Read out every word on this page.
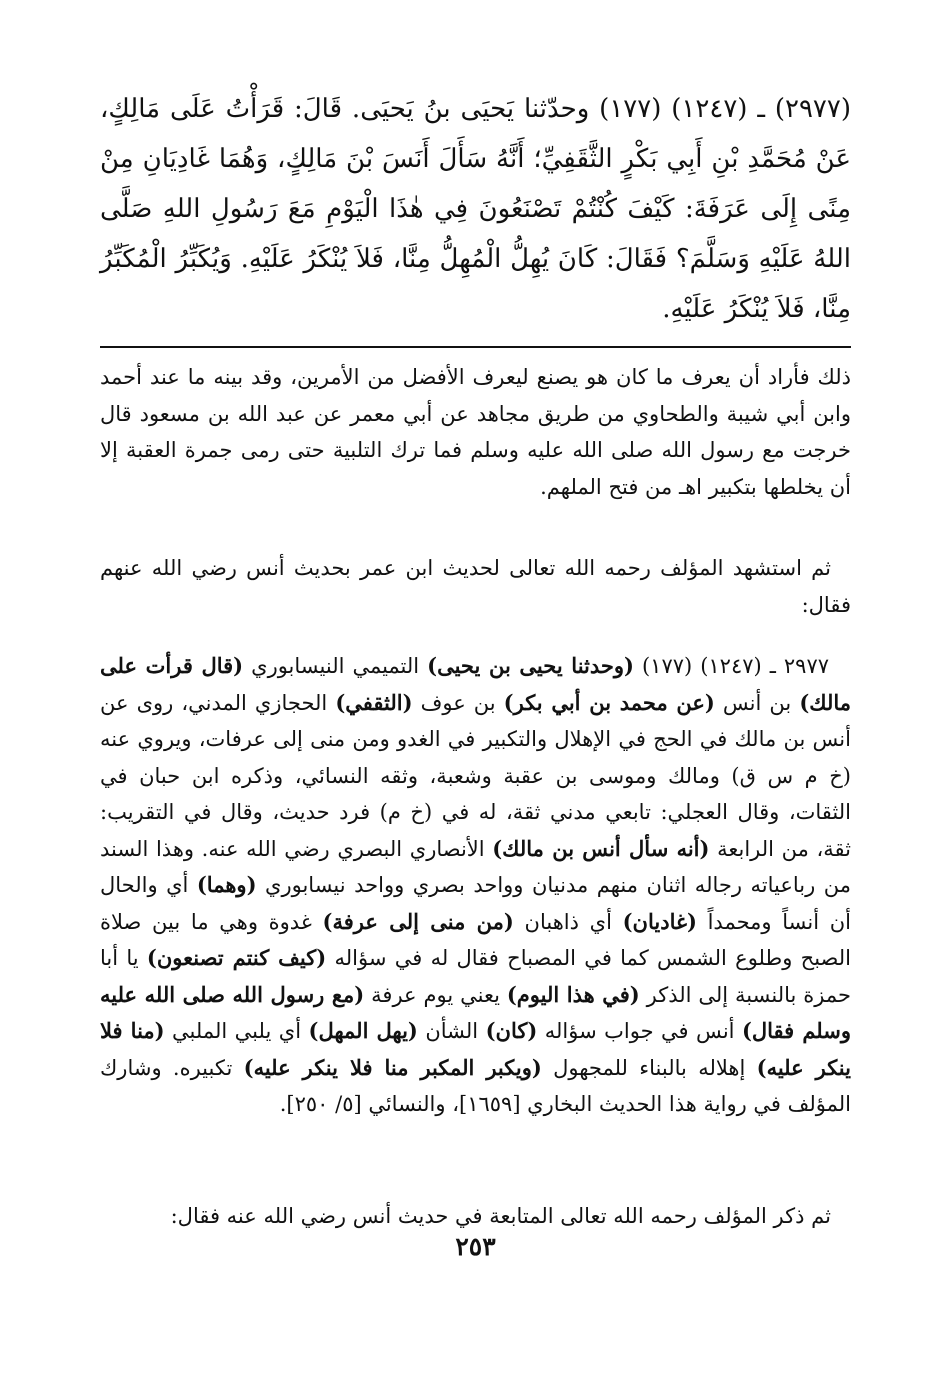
(٢٩٧٧) ـ (١٢٤٧) (١٧٧) وحدّثنا يَحيَى بنُ يَحيَى. قَالَ: قَرَأْتُ عَلَى مَالِكٍ، عَنْ مُحَمَّدِ بْنِ أَبِي بَكْرٍ الثَّقَفِيِّ؛ أَنَّهُ سَأَلَ أَنَسَ بْنَ مَالِكٍ، وَهُمَا غَادِيَانِ مِنْ مِنًى إِلَى عَرَفَةَ: كَيْفَ كُنْتُمْ تَصْنَعُونَ فِي هٰذَا الْيَوْمِ مَعَ رَسُولِ اللهِ صَلَّى اللهُ عَلَيْهِ وَسَلَّمَ؟ فَقَالَ: كَانَ يُهِلُّ الْمُهِلُّ مِنَّا، فَلاَ يُنْكَرُ عَلَيْهِ. وَيُكَبِّرُ الْمُكَبِّرُ مِنَّا، فَلاَ يُنْكَرُ عَلَيْهِ.

ذلك فأراد أن يعرف ما كان هو يصنع ليعرف الأفضل من الأمرين، وقد بينه ما عند أحمد وابن أبي شيبة والطحاوي من طريق مجاهد عن أبي معمر عن عبد الله بن مسعود قال خرجت مع رسول الله صلى الله عليه وسلم فما ترك التلبية حتى رمى جمرة العقبة إلا أن يخلطها بتكبير اهـ من فتح الملهم.

ثم استشهد المؤلف رحمه الله تعالى لحديث ابن عمر بحديث أنس رضي الله عنهم فقال:

٢٩٧٧ ـ (١٢٤٧) (١٧٧) (وحدثنا يحيى بن يحيى) التميمي النيسابوري (قال قرأت على مالك) بن أنس (عن محمد بن أبي بكر) بن عوف (الثقفي) الحجازي المدني، روى عن أنس بن مالك في الحج في الإهلال والتكبير في الغدو ومن منى إلى عرفات، ويروي عنه (خ م س ق) ومالك وموسى بن عقبة وشعبة، وثقه النسائي، وذكره ابن حبان في الثقات، وقال العجلي: تابعي مدني ثقة، له في (خ م) فرد حديث، وقال في التقريب: ثقة، من الرابعة (أنه سأل أنس بن مالك) الأنصاري البصري رضي الله عنه. وهذا السند من رباعياته رجاله اثنان منهم مدنيان وواحد بصري وواحد نيسابوري (وهما) أي والحال أن أنساً ومحمداً (غاديان) أي ذاهبان (من منى إلى عرفة) غدوة وهي ما بين صلاة الصبح وطلوع الشمس كما في المصباح فقال له في سؤاله (كيف كنتم تصنعون) يا أبا حمزة بالنسبة إلى الذكر (في هذا اليوم) يعني يوم عرفة (مع رسول الله صلى الله عليه وسلم فقال) أنس في جواب سؤاله (كان) الشأن (يهل المهل) أي يلبي الملبي (منا فلا ينكر عليه) إهلاله بالبناء للمجهول (ويكبر المكبر منا فلا ينكر عليه) تكبيره. وشارك المؤلف في رواية هذا الحديث البخاري [١٦٥٩]، والنسائي [٥/ ٢٥٠].

ثم ذكر المؤلف رحمه الله تعالى المتابعة في حديث أنس رضي الله عنه فقال:

٢٥٣
